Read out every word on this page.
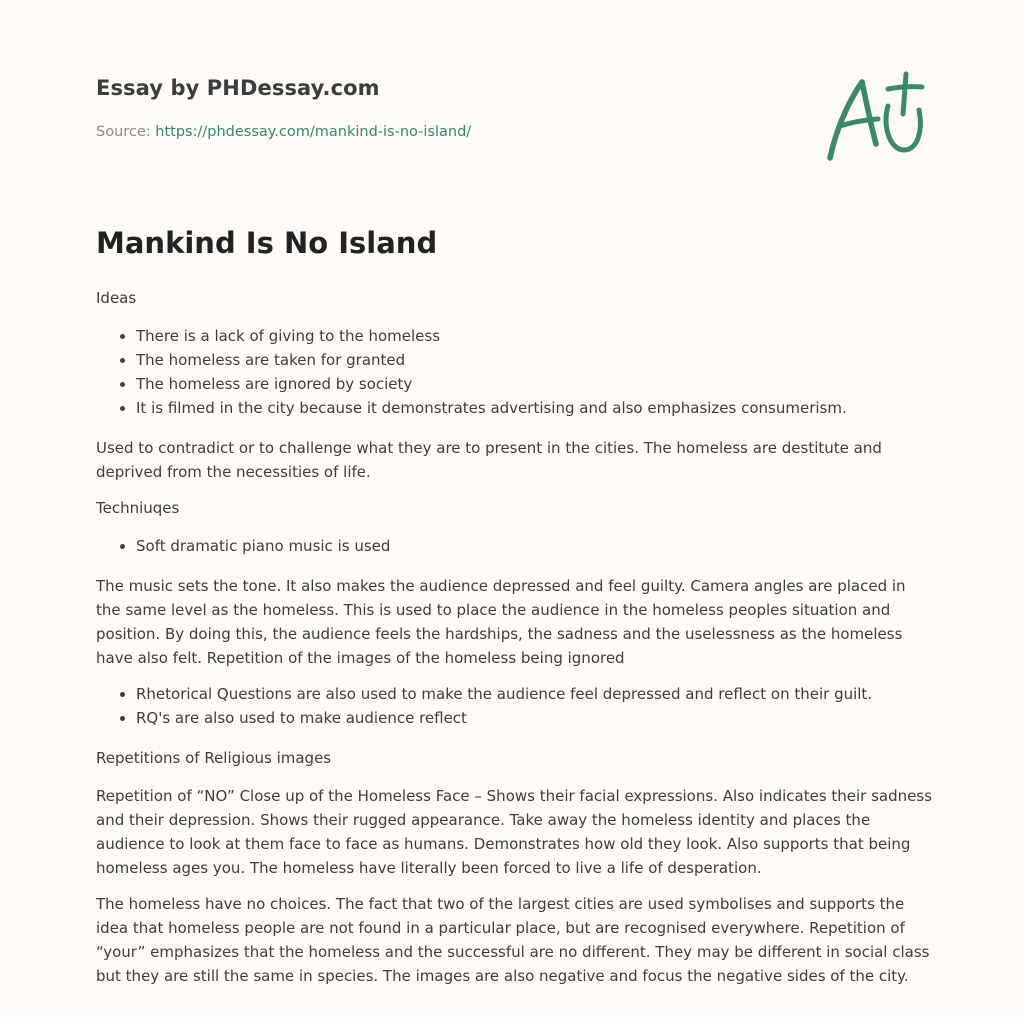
Essay by PHDessay.com
Source: https://phdessay.com/mankind-is-no-island/
Mankind Is No Island

Ideas

• There is a lack of giving to the homeless
• The homeless are taken for granted
• The homeless are ignored by society
• It is filmed in the city because it demonstrates advertising and also emphasizes consumerism.

Used to contradict or to challenge what they are to present in the cities. The homeless are destitute and deprived from the necessities of life.

Techniuqes

• Soft dramatic piano music is used

The music sets the tone. It also makes the audience depressed and feel guilty. Camera angles are placed in the same level as the homeless. This is used to place the audience in the homeless peoples situation and position. By doing this, the audience feels the hardships, the sadness and the uselessness as the homeless have also felt. Repetition of the images of the homeless being ignored

• Rhetorical Questions are also used to make the audience feel depressed and reflect on their guilt.
• RQ's are also used to make audience reflect

Repetitions of Religious images

Repetition of “NO” Close up of the Homeless Face – Shows their facial expressions. Also indicates their sadness and their depression. Shows their rugged appearance. Take away the homeless identity and places the audience to look at them face to face as humans. Demonstrates how old they look. Also supports that being homeless ages you. The homeless have literally been forced to live a life of desperation.

The homeless have no choices. The fact that two of the largest cities are used symbolises and supports the idea that homeless people are not found in a particular place, but are recognised everywhere. Repetition of “your” emphasizes that the homeless and the successful are no different. They may be different in social class but they are still the same in species. The images are also negative and focus the negative sides of the city.
